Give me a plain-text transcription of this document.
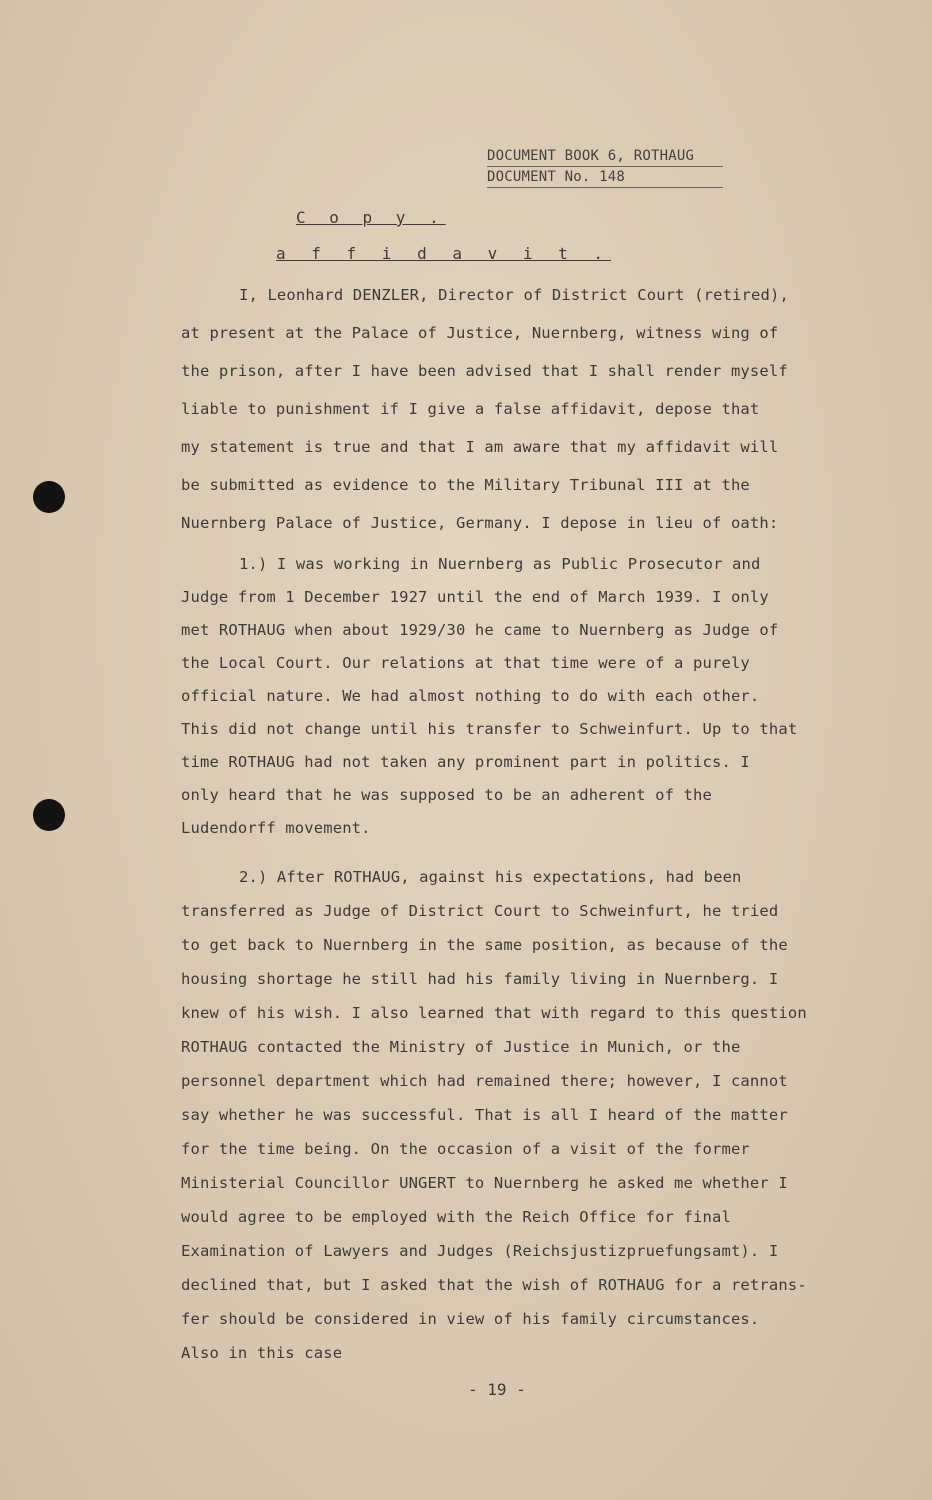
DOCUMENT BOOK 6, ROTHAUG
DOCUMENT No. 148
C o p y .
a f f i d a v i t .
I, Leonhard DENZLER, Director of District Court (retired),
at present at the Palace of Justice, Nuernberg, witness wing of
the prison, after I have been advised that I shall render myself
liable to punishment if I give a false affidavit, depose that
my statement is true and that I am aware that my affidavit will
be submitted as evidence to the Military Tribunal III at the
Nuernberg Palace of Justice, Germany. I depose in lieu of oath:
1.) I was working in Nuernberg as Public Prosecutor and
Judge from 1 December 1927 until the end of March 1939. I only
met ROTHAUG when about 1929/30 he came to Nuernberg as Judge of
the Local Court. Our relations at that time were of a purely
official nature. We had almost nothing to do with each other.
This did not change until his transfer to Schweinfurt. Up to that
time ROTHAUG had not taken any prominent part in politics. I
only heard that he was supposed to be an adherent of the
Ludendorff movement.
2.) After ROTHAUG, against his expectations, had been
transferred as Judge of District Court to Schweinfurt, he tried
to get back to Nuernberg in the same position, as because of the
housing shortage he still had his family living in Nuernberg. I
knew of his wish. I also learned that with regard to this question
ROTHAUG contacted the Ministry of Justice in Munich, or the
personnel department which had remained there; however, I cannot
say whether he was successful. That is all I heard of the matter
for the time being. On the occasion of a visit of the former
Ministerial Councillor UNGERT to Nuernberg he asked me whether I
would agree to be employed with the Reich Office for final
Examination of Lawyers and Judges (Reichsjustizpruefungsamt). I
declined that, but I asked that the wish of ROTHAUG for a retrans-
fer should be considered in view of his family circumstances.
Also in this case
- 19 -
